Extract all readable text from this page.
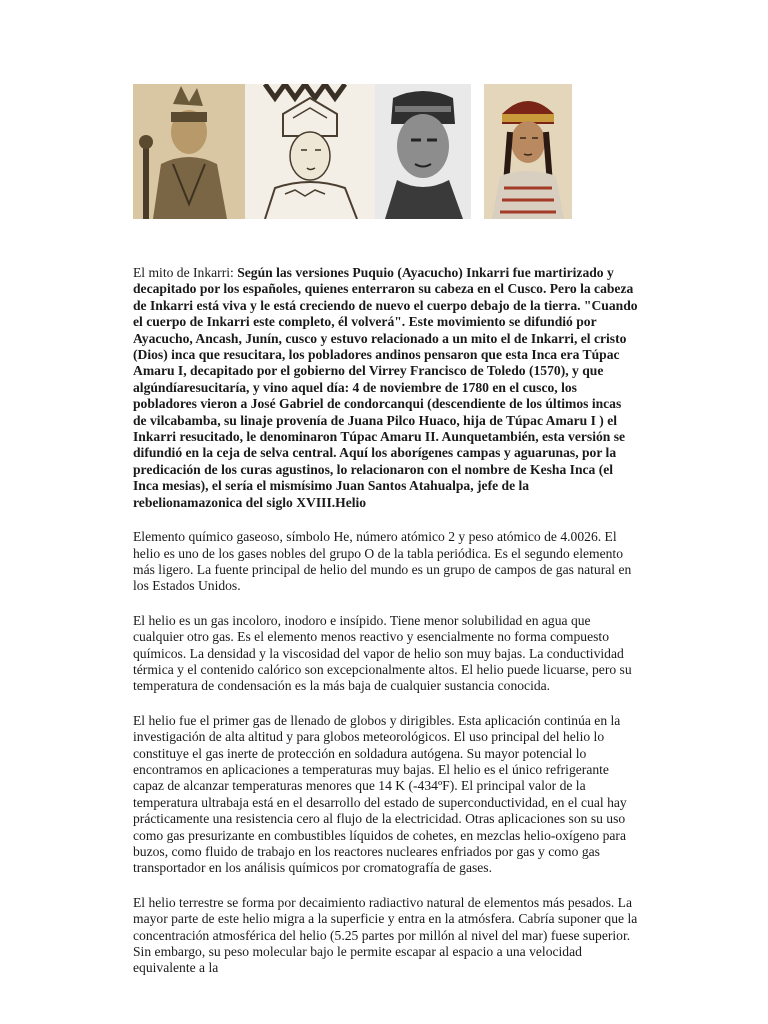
El mito de Inkarri: Según las versiones Puquio (Ayacucho) Inkarri fue martirizado y decapitado por los españoles, quienes enterraron su cabeza en el Cusco. Pero la cabeza de Inkarri está viva y le está creciendo de nuevo el cuerpo debajo de la tierra. "Cuando el cuerpo de Inkarri este completo, él volverá". Este movimiento se difundió por Ayacucho, Ancash, Junín, cusco y estuvo relacionado a un mito el de Inkarri, el cristo (Dios) inca que resucitara, los pobladores andinos pensaron que esta Inca era Túpac Amaru I, decapitado por el gobierno del Virrey Francisco de Toledo (1570), y que algúndíaresucitaría, y vino aquel día: 4 de noviembre de 1780 en el cusco, los pobladores vieron a José Gabriel de condorcanqui (descendiente de los últimos incas de vilcabamba, su linaje provenía de Juana Pilco Huaco, hija de Túpac Amaru I ) el Inkarri resucitado, le denominaron Túpac Amaru II. Aunquetambién, esta versión se difundió en la ceja de selva central. Aquí los aborígenes campas y aguarunas, por la predicación de los curas agustinos, lo relacionaron con el nombre de Kesha Inca (el Inca mesias), el sería el mismísimo Juan Santos Atahualpa, jefe de la rebelionamazonica del siglo XVIII.Helio

Elemento químico gaseoso, símbolo He, número atómico 2 y peso atómico de 4.0026. El helio es uno de los gases nobles del grupo O de la tabla periódica. Es el segundo elemento más ligero. La fuente principal de helio del mundo es un grupo de campos de gas natural en los Estados Unidos.

El helio es un gas incoloro, inodoro e insípido. Tiene menor solubilidad en agua que cualquier otro gas. Es el elemento menos reactivo y esencialmente no forma compuesto químicos. La densidad y la viscosidad del vapor de helio son muy bajas. La conductividad térmica y el contenido calórico son excepcionalmente altos. El helio puede licuarse, pero su temperatura de condensación es la más baja de cualquier sustancia conocida.

El helio fue el primer gas de llenado de globos y dirigibles. Esta aplicación continúa en la investigación de alta altitud y para globos meteorológicos. El uso principal del helio lo constituye el gas inerte de protección en soldadura autógena. Su mayor potencial lo encontramos en aplicaciones a temperaturas muy bajas. El helio es el único refrigerante capaz de alcanzar temperaturas menores que 14 K (-434ºF). El principal valor de la temperatura ultrabaja está en el desarrollo del estado de superconductividad, en el cual hay prácticamente una resistencia cero al flujo de la electricidad. Otras aplicaciones son su uso como gas presurizante en combustibles líquidos de cohetes, en mezclas helio-oxígeno para buzos, como fluido de trabajo en los reactores nucleares enfriados por gas y como gas transportador en los análisis químicos por cromatografía de gases.

El helio terrestre se forma por decaimiento radiactivo natural de elementos más pesados. La mayor parte de este helio migra a la superficie y entra en la atmósfera. Cabría suponer que la concentración atmosférica del helio (5.25 partes por millón al nivel del mar) fuese superior. Sin embargo, su peso molecular bajo le permite escapar al espacio a una velocidad equivalente a la
